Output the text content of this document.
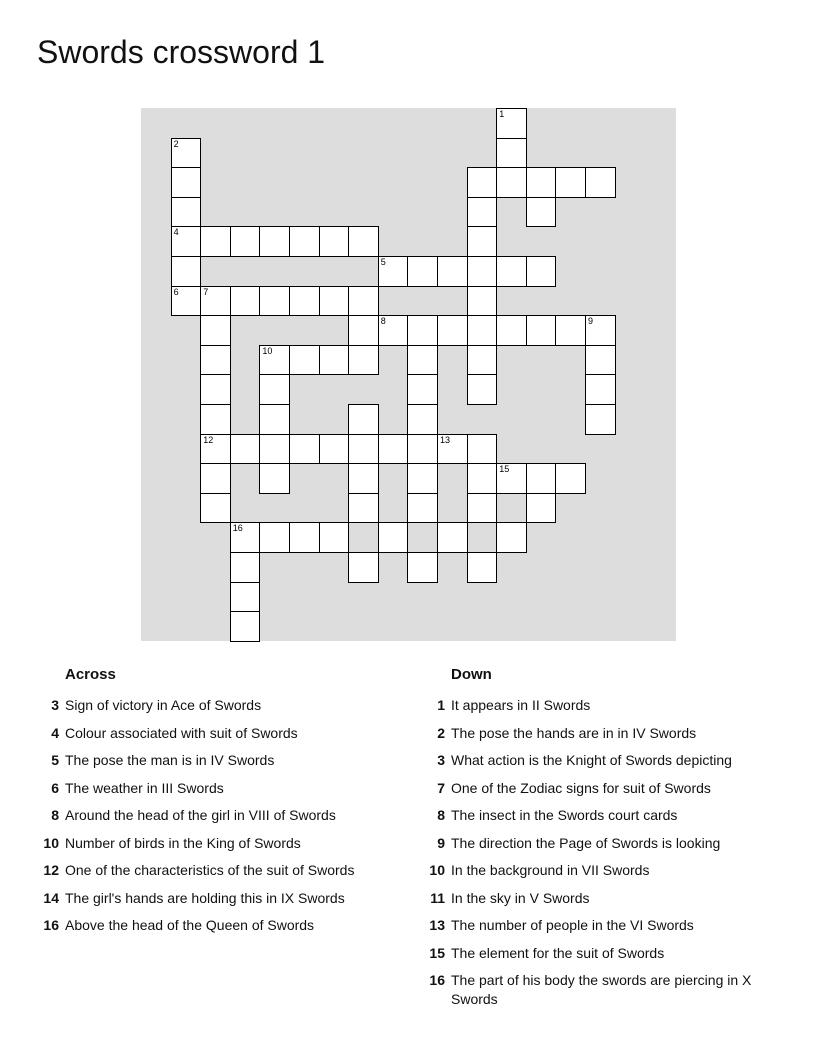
Swords crossword 1
1
2
4
5
6	7
8	9
10
12	13
15
16
Across
3 Sign of victory in Ace of Swords
4 Colour associated with suit of Swords
5 The pose the man is in IV Swords
6 The weather in III Swords
8 Around the head of the girl in VIII of Swords
10 Number of birds in the King of Swords
12 One of the characteristics of the suit of Swords
14 The girl's hands are holding this in IX Swords
16 Above the head of the Queen of Swords
Down
1 It appears in II Swords
2 The pose the hands are in in IV Swords
3 What action is the Knight of Swords depicting
7 One of the Zodiac signs for suit of Swords
8 The insect in the Swords court cards
9 The direction the Page of Swords is looking
10 In the background in VII Swords
11 In the sky in V Swords
13 The number of people in the VI Swords
15 The element for the suit of Swords
16 The part of his body the swords are piercing in X Swords
